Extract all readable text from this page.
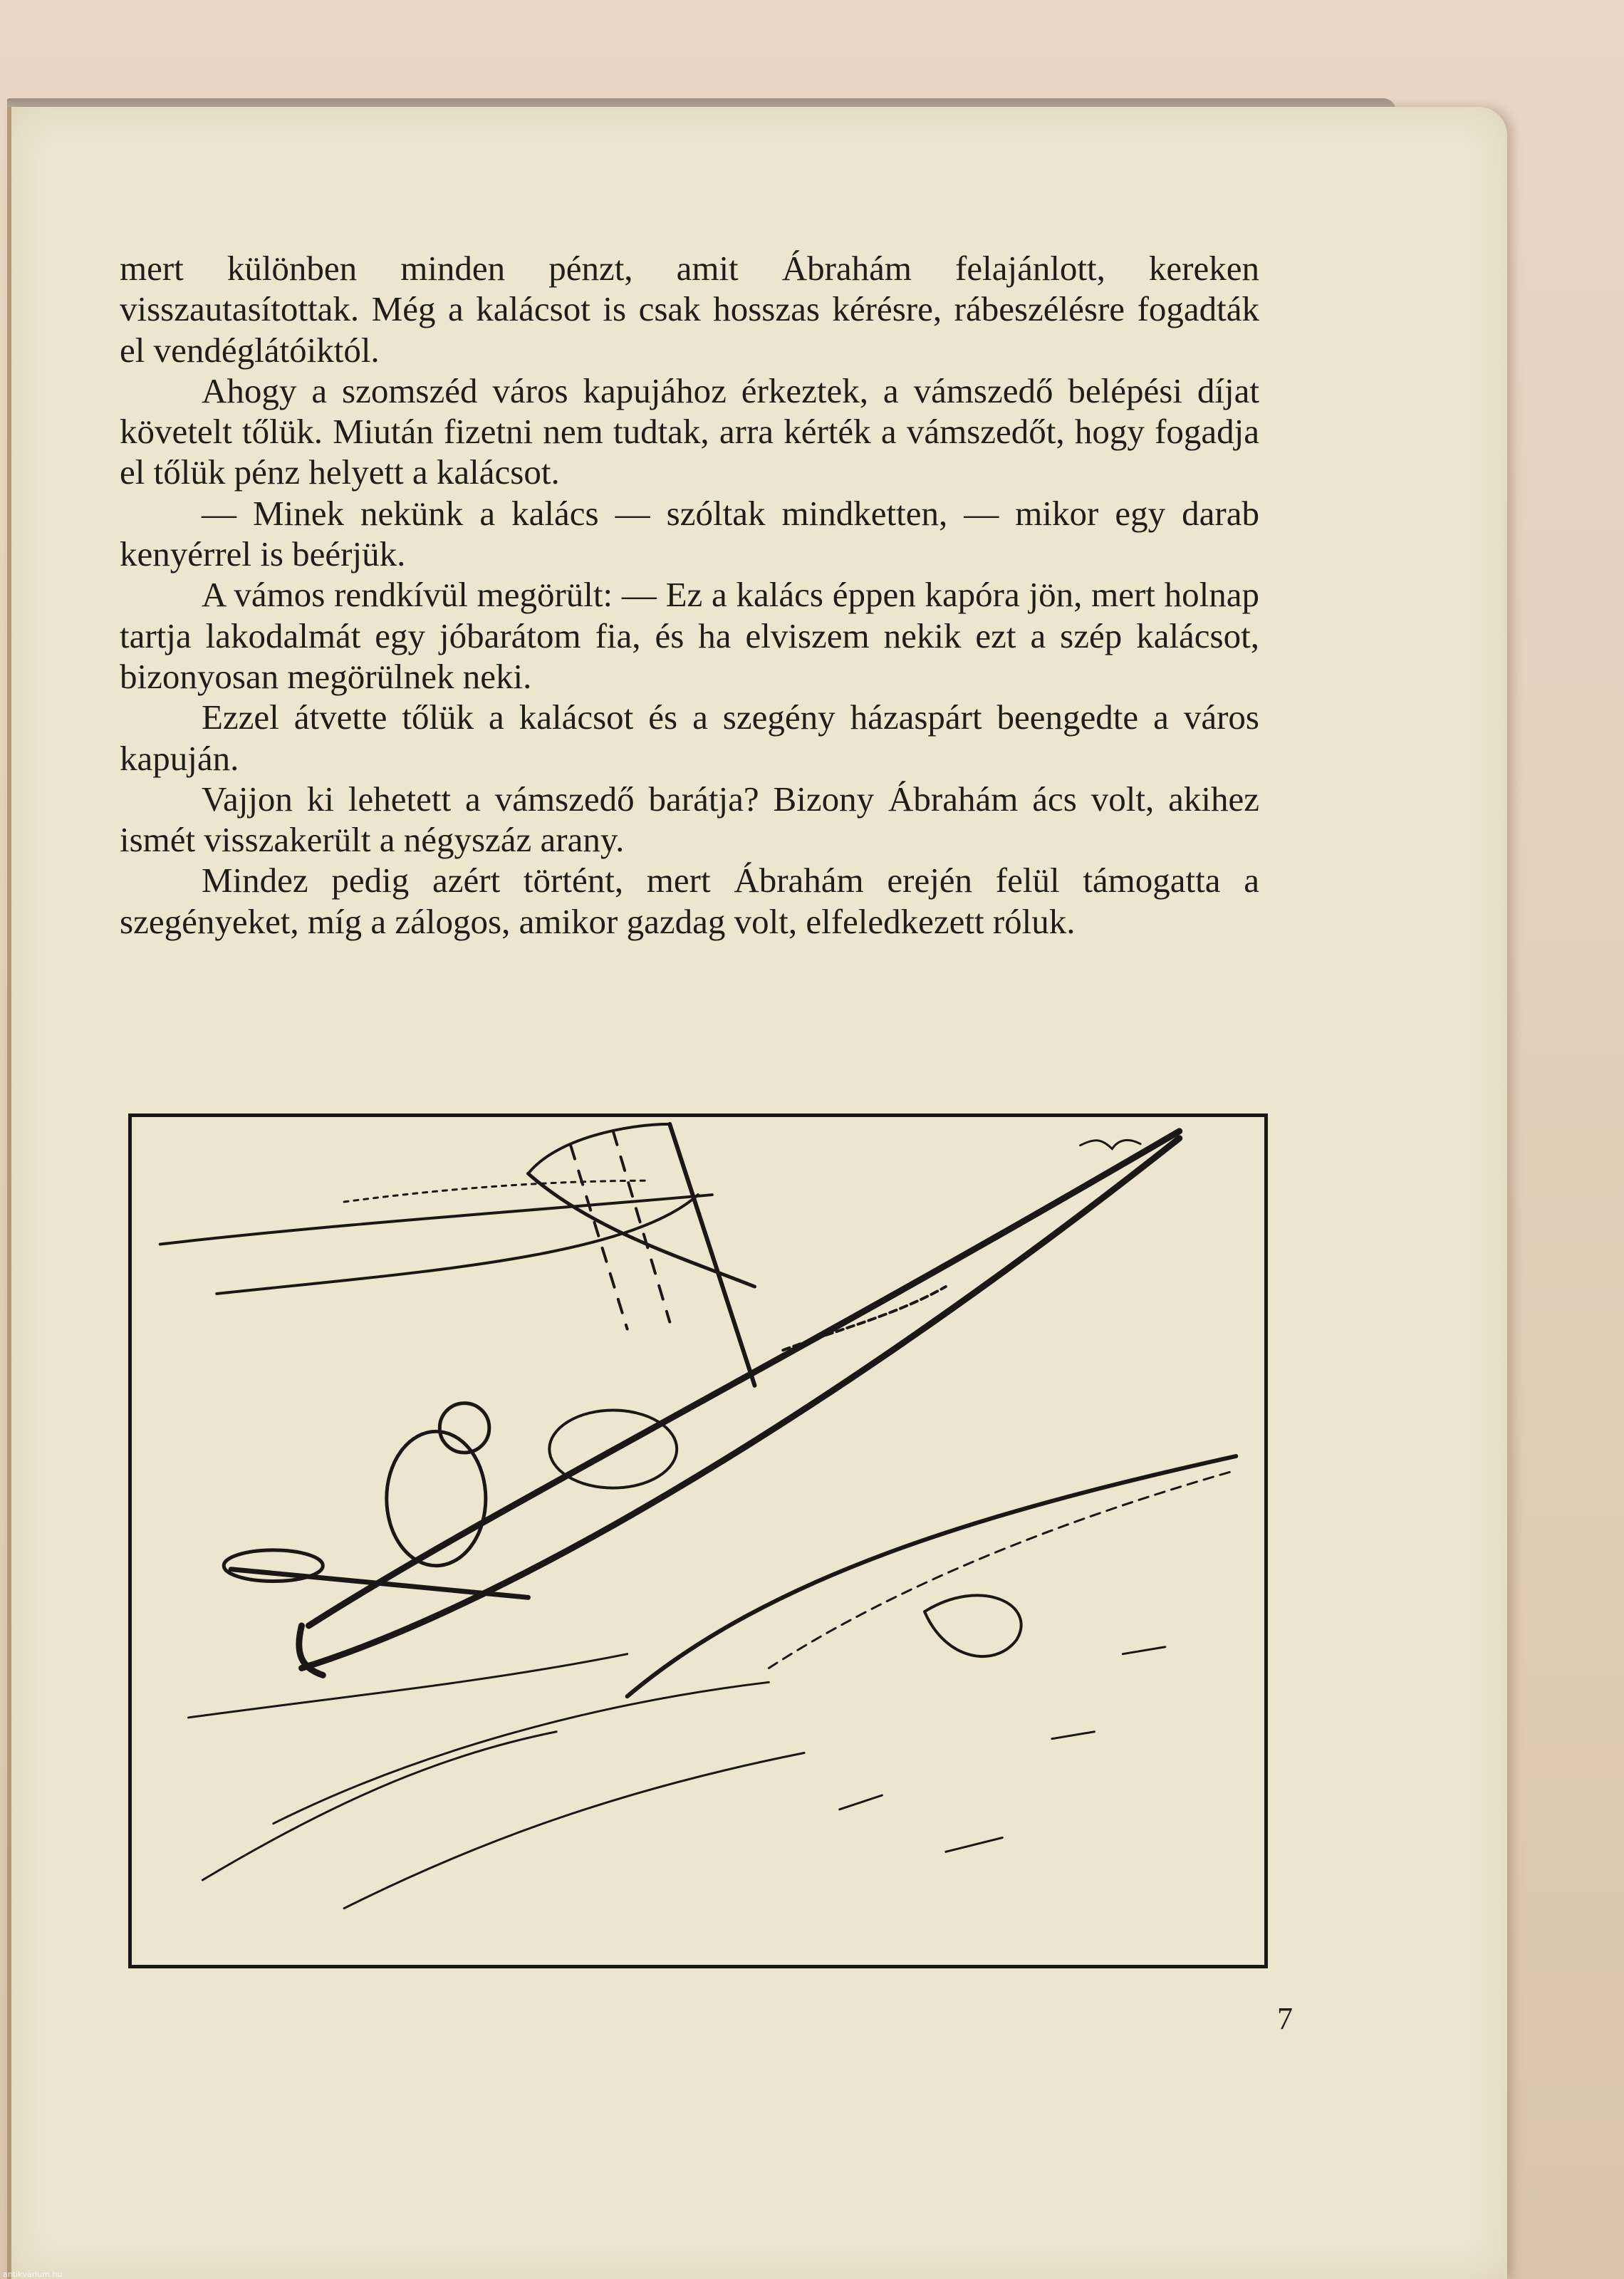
mert különben minden pénzt, amit Ábrahám felajánlott, kereken visszautasítottak. Még a kalácsot is csak hosszas kérésre, rábeszélésre fogadták el vendéglátóiktól.

Ahogy a szomszéd város kapujához érkeztek, a vámszedő belépési díjat követelt tőlük. Miután fizetni nem tudtak, arra kérték a vámszedőt, hogy fogadja el tőlük pénz helyett a kalácsot.

— Minek nekünk a kalács — szóltak mindketten, — mikor egy darab kenyérrel is beérjük.

A vámos rendkívül megörült: — Ez a kalács éppen kapóra jön, mert holnap tartja lakodalmát egy jóbarátom fia, és ha elviszem nekik ezt a szép kalácsot, bizonyosan megörülnek neki.

Ezzel átvette tőlük a kalácsot és a szegény házaspárt beengedte a város kapuján.

Vajjon ki lehetett a vámszedő barátja? Bizony Ábrahám ács volt, akihez ismét visszakerült a négyszáz arany.

Mindez pedig azért történt, mert Ábrahám erején felül támogatta a szegényeket, míg a zálogos, amikor gazdag volt, elfeledkezett róluk.

7
antikvarium.hu
